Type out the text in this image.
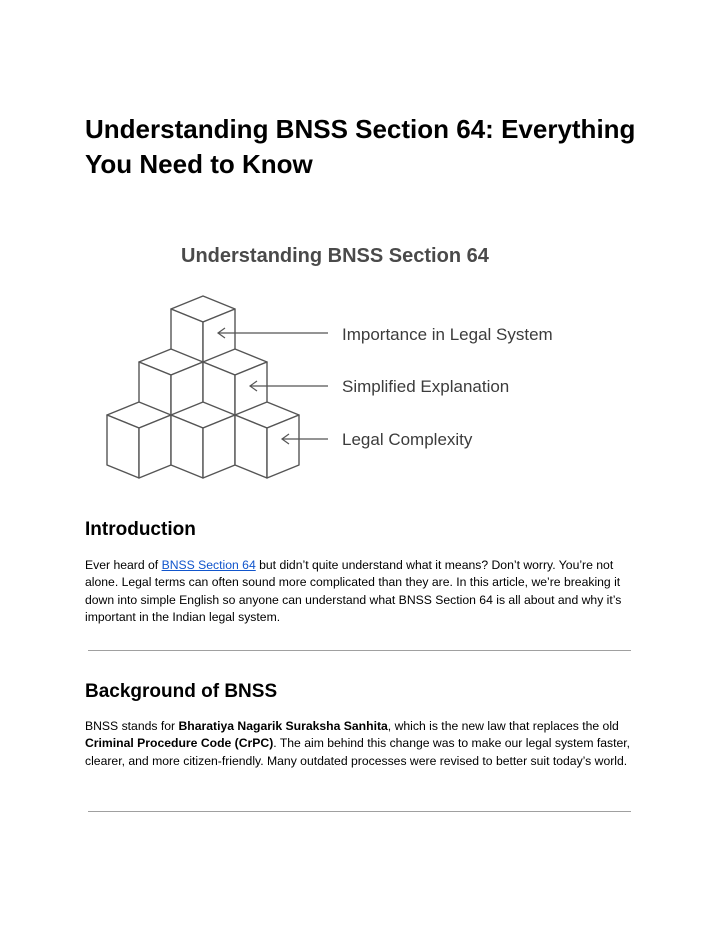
Understanding BNSS Section 64: Everything You Need to Know
Understanding BNSS Section 64
Importance in Legal System
Simplified Explanation
Legal Complexity
Introduction

Ever heard of BNSS Section 64 but didn’t quite understand what it means? Don’t worry. You’re not alone. Legal terms can often sound more complicated than they are. In this article, we’re breaking it down into simple English so anyone can understand what BNSS Section 64 is all about and why it’s important in the Indian legal system.

Background of BNSS

BNSS stands for Bharatiya Nagarik Suraksha Sanhita, which is the new law that replaces the old Criminal Procedure Code (CrPC). The aim behind this change was to make our legal system faster, clearer, and more citizen-friendly. Many outdated processes were revised to better suit today’s world.
